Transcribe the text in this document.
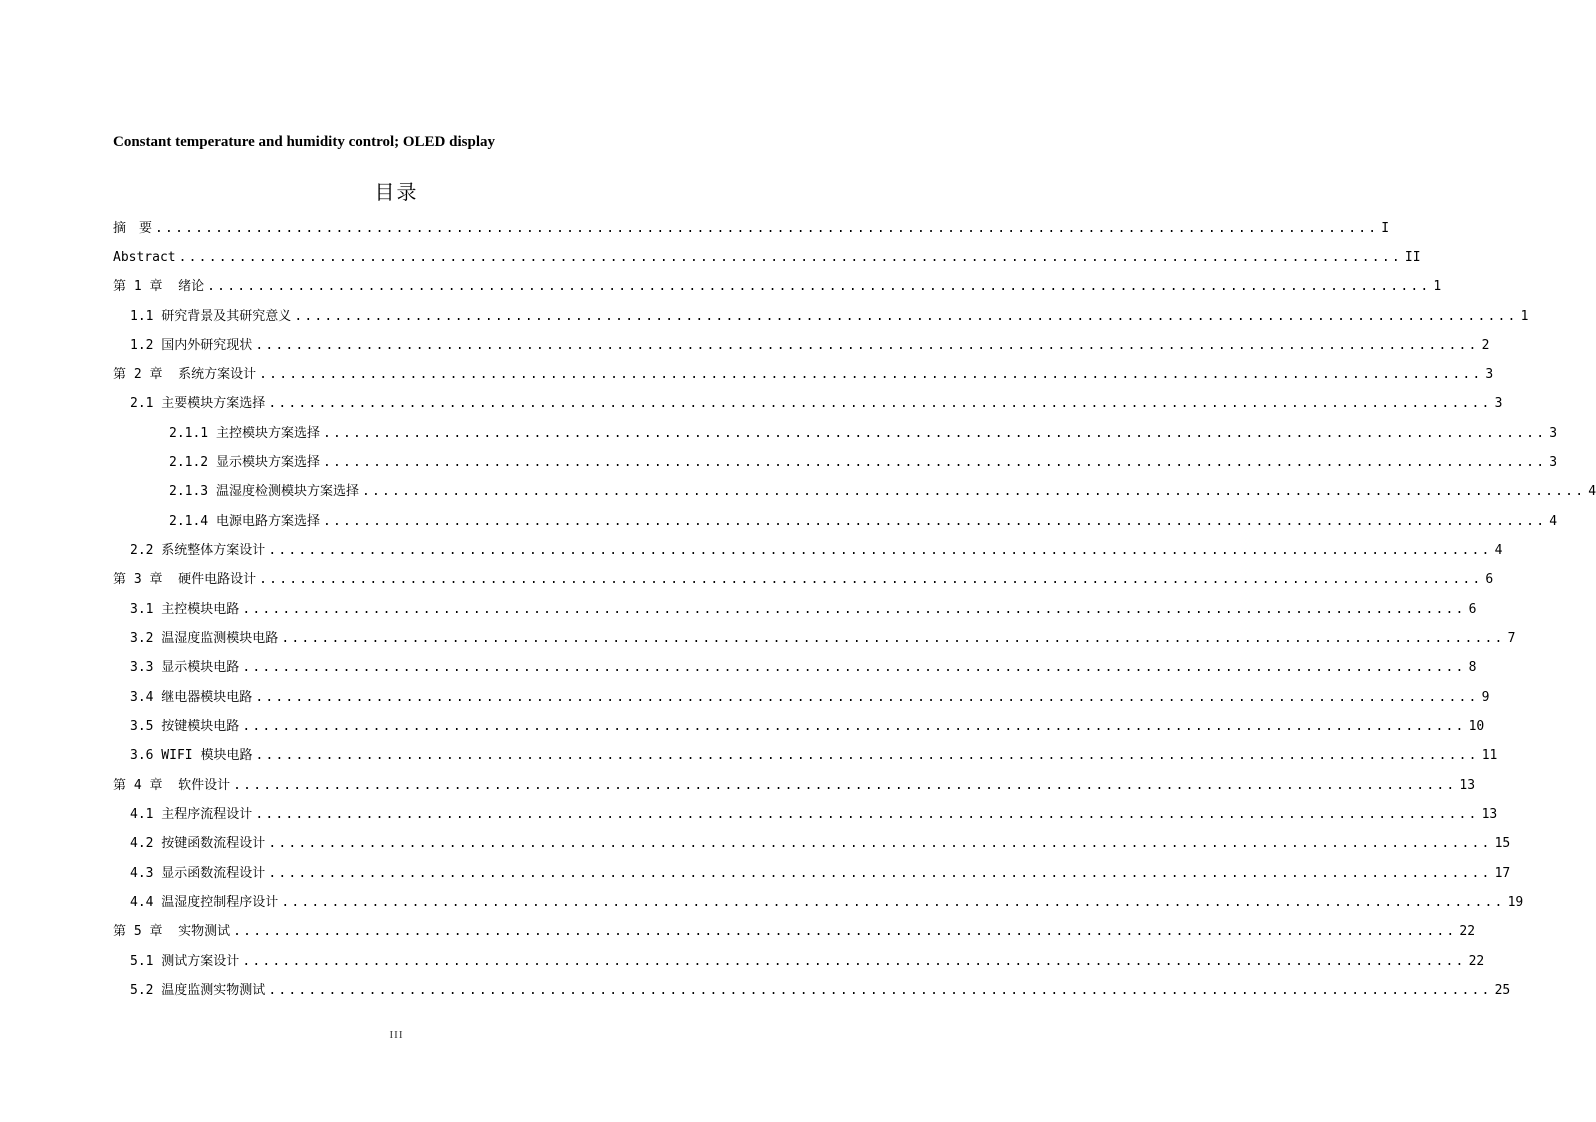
Constant temperature and humidity control; OLED display
目录
摘　要 .......................................................................................................................... I
Abstract .......................................................................................................................... II
第 1 章  绪论 .......................................................................................................................... 1
1.1 研究背景及其研究意义 .......................................................................................................................... 1
1.2 国内外研究现状 .......................................................................................................................... 2
第 2 章  系统方案设计 .......................................................................................................................... 3
2.1 主要模块方案选择 .......................................................................................................................... 3
2.1.1 主控模块方案选择 .......................................................................................................................... 3
2.1.2 显示模块方案选择 .......................................................................................................................... 3
2.1.3 温湿度检测模块方案选择 .......................................................................................................................... 4
2.1.4 电源电路方案选择 .......................................................................................................................... 4
2.2 系统整体方案设计 .......................................................................................................................... 4
第 3 章  硬件电路设计 .......................................................................................................................... 6
3.1 主控模块电路 .......................................................................................................................... 6
3.2 温湿度监测模块电路 .......................................................................................................................... 7
3.3 显示模块电路 .......................................................................................................................... 8
3.4 继电器模块电路 .......................................................................................................................... 9
3.5 按键模块电路 .......................................................................................................................... 10
3.6 WIFI 模块电路 .......................................................................................................................... 11
第 4 章  软件设计 .......................................................................................................................... 13
4.1 主程序流程设计 .......................................................................................................................... 13
4.2 按键函数流程设计 .......................................................................................................................... 15
4.3 显示函数流程设计 .......................................................................................................................... 17
4.4 温湿度控制程序设计 .......................................................................................................................... 19
第 5 章  实物测试 .......................................................................................................................... 22
5.1 测试方案设计 .......................................................................................................................... 22
5.2 温度监测实物测试 .......................................................................................................................... 25
III
